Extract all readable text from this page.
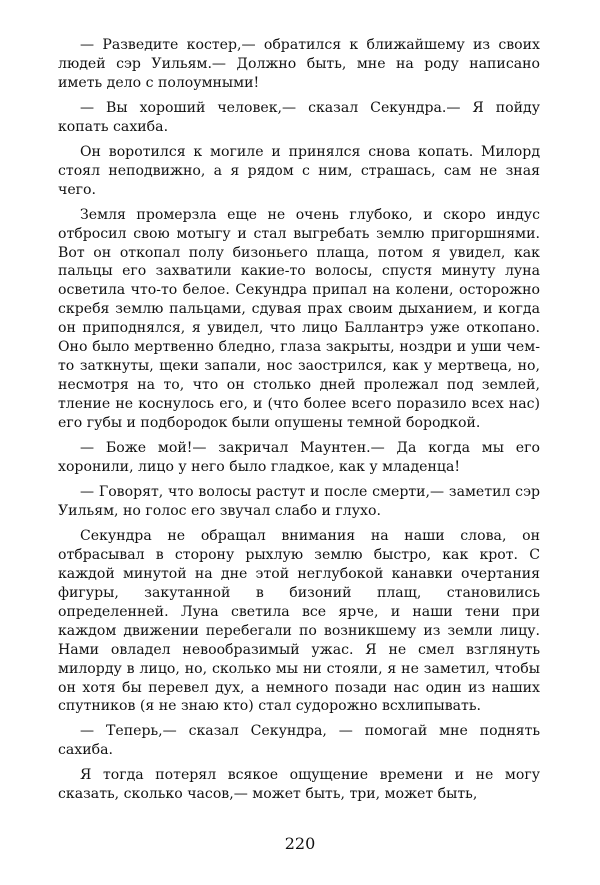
— Разведите костер,— обратился к ближайшему из своих людей сэр Уильям.— Должно быть, мне на роду написано иметь дело с полоумными!

— Вы хороший человек,— сказал Секундра.— Я пойду копать сахиба.

Он воротился к могиле и принялся снова копать. Милорд стоял неподвижно, а я рядом с ним, страшась, сам не зная чего.

Земля промерзла еще не очень глубоко, и скоро индус отбросил свою мотыгу и стал выгребать землю пригоршнями. Вот он откопал полу бизоньего плаща, потом я увидел, как пальцы его захватили какие-то волосы, спустя минуту луна осветила что-то белое. Секундра припал на колени, осторожно скребя землю пальцами, сдувая прах своим дыханием, и когда он приподнялся, я увидел, что лицо Баллантрэ уже откопано. Оно было мертвенно бледно, глаза закрыты, ноздри и уши чем-то заткнуты, щеки запали, нос заострился, как у мертвеца, но, несмотря на то, что он столько дней пролежал под землей, тление не коснулось его, и (что более всего поразило всех нас) его губы и подбородок были опушены темной бородкой.

— Боже мой!— закричал Маунтен.— Да когда мы его хоронили, лицо у него было гладкое, как у младенца!

— Говорят, что волосы растут и после смерти,— заметил сэр Уильям, но голос его звучал слабо и глухо.

Секундра не обращал внимания на наши слова, он отбрасывал в сторону рыхлую землю быстро, как крот. С каждой минутой на дне этой неглубокой канавки очертания фигуры, закутанной в бизоний плащ, становились определенней. Луна светила все ярче, и наши тени при каждом движении перебегали по возникшему из земли лицу. Нами овладел невообразимый ужас. Я не смел взглянуть милорду в лицо, но, сколько мы ни стояли, я не заметил, чтобы он хотя бы перевел дух, а немного позади нас один из наших спутников (я не знаю кто) стал судорожно всхлипывать.

— Теперь,— сказал Секундра, — помогай мне поднять сахиба.

Я тогда потерял всякое ощущение времени и не могу сказать, сколько часов,— может быть, три, может быть,

220
